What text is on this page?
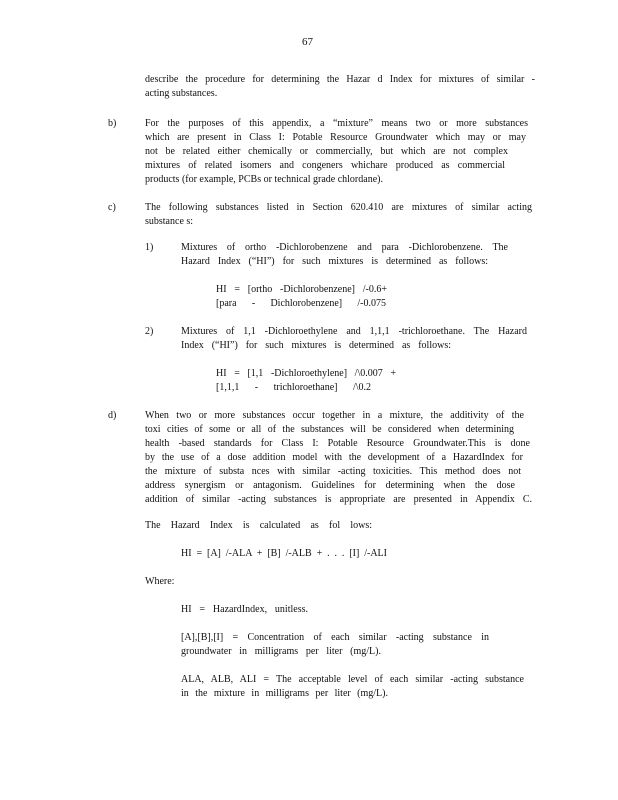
67
describe the procedure for determining the Hazar d Index for mixtures of similar -
acting substances.
b)	For the purposes of this appendix, a “mixture” means two or more substances
which are present in Class I: Potable Resource Groundwater which may or may
not be related either chemically or commercially, but which are not complex
mixtures of related isomers and congeners whichare produced as commercial
products (for example, PCBs or technical grade chlordane).
c)	The following substances listed in Section 620.410 are mixtures of similar acting
substance s:
1)	Mixtures of ortho -Dichlorobenzene and para -Dichlorobenzene. The
Hazard Index (“HI”) for such mixtures is determined as follows:
HI = [ortho -Dichlorobenzene] /-0.6+
[para - Dichlorobenzene] /-0.075
2)	Mixtures of 1,1 -Dichloroethylene and 1,1,1 -trichloroethane. The Hazard
Index (“HI”) for such mixtures is determined as follows:
HI = [1,1 -Dichloroethylene] /\0.007 +
[1,1,1 - trichloroethane] /\0.2
d)	When two or more substances occur together in a mixture, the additivity of the
toxi cities of some or all of the substances will be considered when determining
health -based standards for Class I: Potable Resource Groundwater.This is done
by the use of a dose addition model with the development of a HazardIndex for
the mixture of substa nces with similar -acting toxicities. This method does not
address synergism or antagonism. Guidelines for determining when the dose
addition of similar -acting substances is appropriate are presented in Appendix C.
The Hazard Index is calculated as fol lows:
HI = [A] /-ALA + [B] /-ALB + . . . [I] /-ALI
Where:
HI = HazardIndex, unitless.
[A],[B],[I] = Concentration of each similar -acting substance in
groundwater in milligrams per liter (mg/L).
ALA, ALB, ALI = The acceptable level of each similar -acting substance
in the mixture in milligrams per liter (mg/L).
